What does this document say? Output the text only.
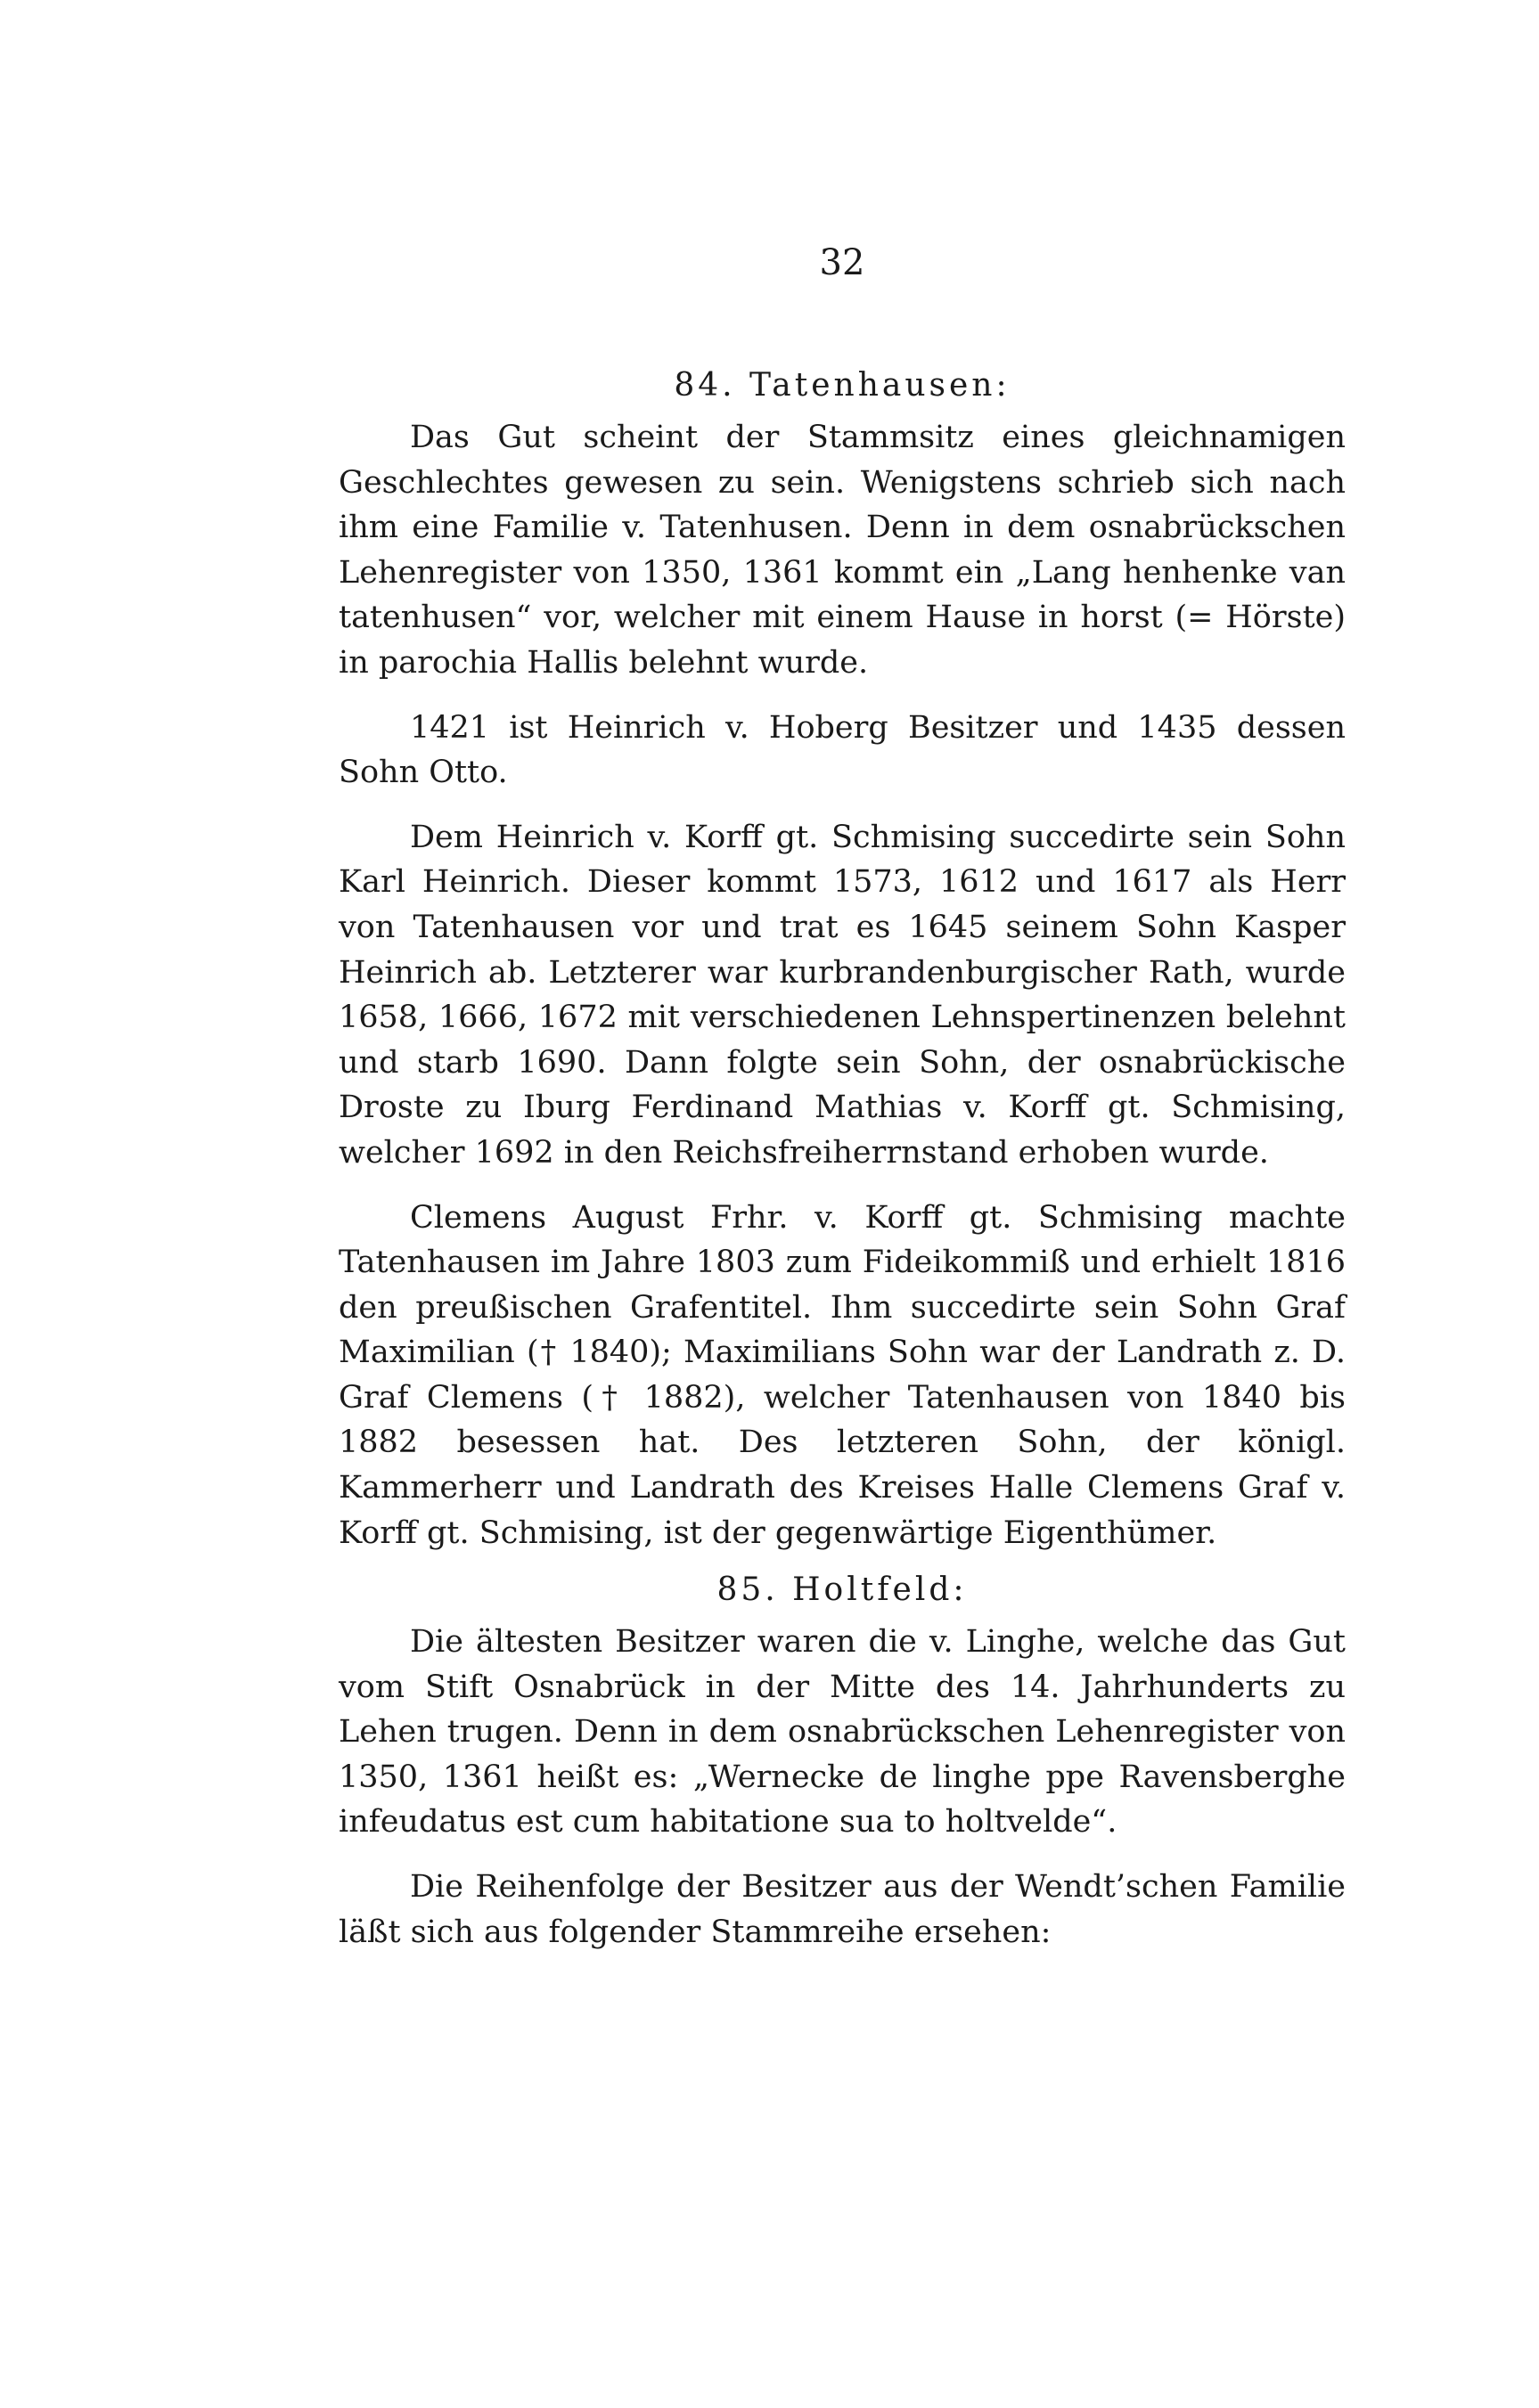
32
84. Tatenhausen:

Das Gut scheint der Stammsitz eines gleichnamigen Geschlechtes gewesen zu sein. Wenigstens schrieb sich nach ihm eine Familie v. Tatenhusen. Denn in dem osnabrückschen Lehenregister von 1350, 1361 kommt ein „Lang henhenke van tatenhusen“ vor, welcher mit einem Hause in horst (= Hörste) in parochia Hallis belehnt wurde.

1421 ist Heinrich v. Hoberg Besitzer und 1435 dessen Sohn Otto.

Dem Heinrich v. Korff gt. Schmising succedirte sein Sohn Karl Heinrich. Dieser kommt 1573, 1612 und 1617 als Herr von Tatenhausen vor und trat es 1645 seinem Sohn Kasper Heinrich ab. Letzterer war kurbrandenburgischer Rath, wurde 1658, 1666, 1672 mit verschiedenen Lehnspertinenzen belehnt und starb 1690. Dann folgte sein Sohn, der osnabrückische Droste zu Iburg Ferdinand Mathias v. Korff gt. Schmising, welcher 1692 in den Reichsfreiherrnstand erhoben wurde.

Clemens August Frhr. v. Korff gt. Schmising machte Tatenhausen im Jahre 1803 zum Fideikommiß und erhielt 1816 den preußischen Grafentitel. Ihm succedirte sein Sohn Graf Maximilian († 1840); Maximilians Sohn war der Landrath z. D. Graf Clemens († 1882), welcher Tatenhausen von 1840 bis 1882 besessen hat. Des letzteren Sohn, der königl. Kammerherr und Landrath des Kreises Halle Clemens Graf v. Korff gt. Schmising, ist der gegenwärtige Eigenthümer.

85. Holtfeld:

Die ältesten Besitzer waren die v. Linghe, welche das Gut vom Stift Osnabrück in der Mitte des 14. Jahrhunderts zu Lehen trugen. Denn in dem osnabrückschen Lehenregister von 1350, 1361 heißt es: „Wernecke de linghe ppe Ravensberghe infeudatus est cum habitatione sua to holtvelde“.

Die Reihenfolge der Besitzer aus der Wendt’schen Familie läßt sich aus folgender Stammreihe ersehen:
